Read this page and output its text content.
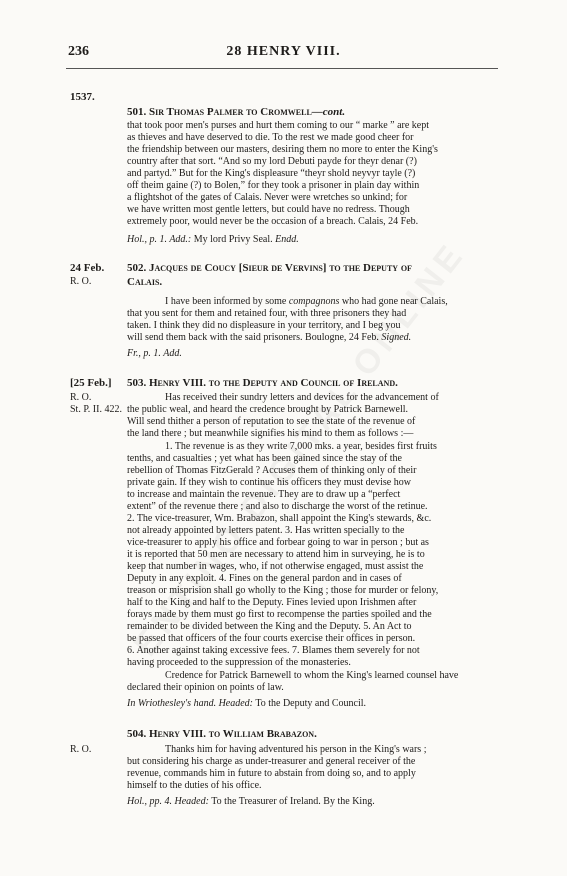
236	28 HENRY VIII.
1537.
501. Sir Thomas Palmer to Cromwell—cont.
that took poor men's purses and hurt them coming to our “ marke ” are kept
as thieves and have deserved to die. To the rest we made good cheer for
the friendship between our masters, desiring them no more to enter the King's
country after that sort. “And so my lord Debuti payde for theyr denar (?)
and partyd.” But for the King's displeasure “theyr shold neyvyr tayle (?)
off theim gaine (?) to Bolen,” for they took a prisoner in plain day within
a flightshot of the gates of Calais. Never were wretches so unkind; for
we have written most gentle letters, but could have no redress. Though
extremely poor, would never be the occasion of a breach. Calais, 24 Feb.
Hol., p. 1. Add.: My lord Privy Seal. Endd.
24 Feb. 502. Jacques de Coucy [Sieur de Vervins] to the Deputy of
R. O.	Calais.
I have been informed by some compagnons who had gone near Calais,
that you sent for them and retained four, with three prisoners they had
taken. I think they did no displeasure in your territory, and I beg you
will send them back with the said prisoners. Boulogne, 24 Feb. Signed.
Fr., p. 1. Add.
[25 Feb.] 503. Henry VIII. to the Deputy and Council of Ireland.
R. O.	Has received their sundry letters and devices for the advancement of
St. P. II. 422. the public weal, and heard the credence brought by Patrick Barnewell.
Will send thither a person of reputation to see the state of the revenue of
the land there ; but meanwhile signifies his mind to them as follows :—
1. The revenue is as they write 7,000 mks. a year, besides first fruits
tenths, and casualties ; yet what has been gained since the stay of the
rebellion of Thomas FitzGerald ? Accuses them of thinking only of their
private gain. If they wish to continue his officers they must devise how
to increase and maintain the revenue. They are to draw up a “perfect
extent” of the revenue there ; and also to discharge the worst of the retinue.
2. The vice-treasurer, Wm. Brabazon, shall appoint the King's stewards, &c.
not already appointed by letters patent. 3. Has written specially to the
vice-treasurer to apply his office and forbear going to war in person ; but as
it is reported that 50 men are necessary to attend him in surveying, he is to
keep that number in wages, who, if not otherwise engaged, must assist the
Deputy in any exploit. 4. Fines on the general pardon and in cases of
treason or misprision shall go wholly to the King ; those for murder or felony,
half to the King and half to the Deputy. Fines levied upon Irishmen after
forays made by them must go first to recompense the parties spoiled and the
remainder to be divided between the King and the Deputy. 5. An Act to
be passed that officers of the four courts exercise their offices in person.
6. Another against taking excessive fees. 7. Blames them severely for not
having proceeded to the suppression of the monasteries.
Credence for Patrick Barnewell to whom the King's learned counsel have
declared their opinion on points of law.
In Wriothesley's hand. Headed: To the Deputy and Council.
504. Henry VIII. to William Brabazon.
R. O.	Thanks him for having adventured his person in the King's wars ;
but considering his charge as under-treasurer and general receiver of the
revenue, commands him in future to abstain from doing so, and to apply
himself to the duties of his office.
Hol., pp. 4. Headed: To the Treasurer of Ireland. By the King.
